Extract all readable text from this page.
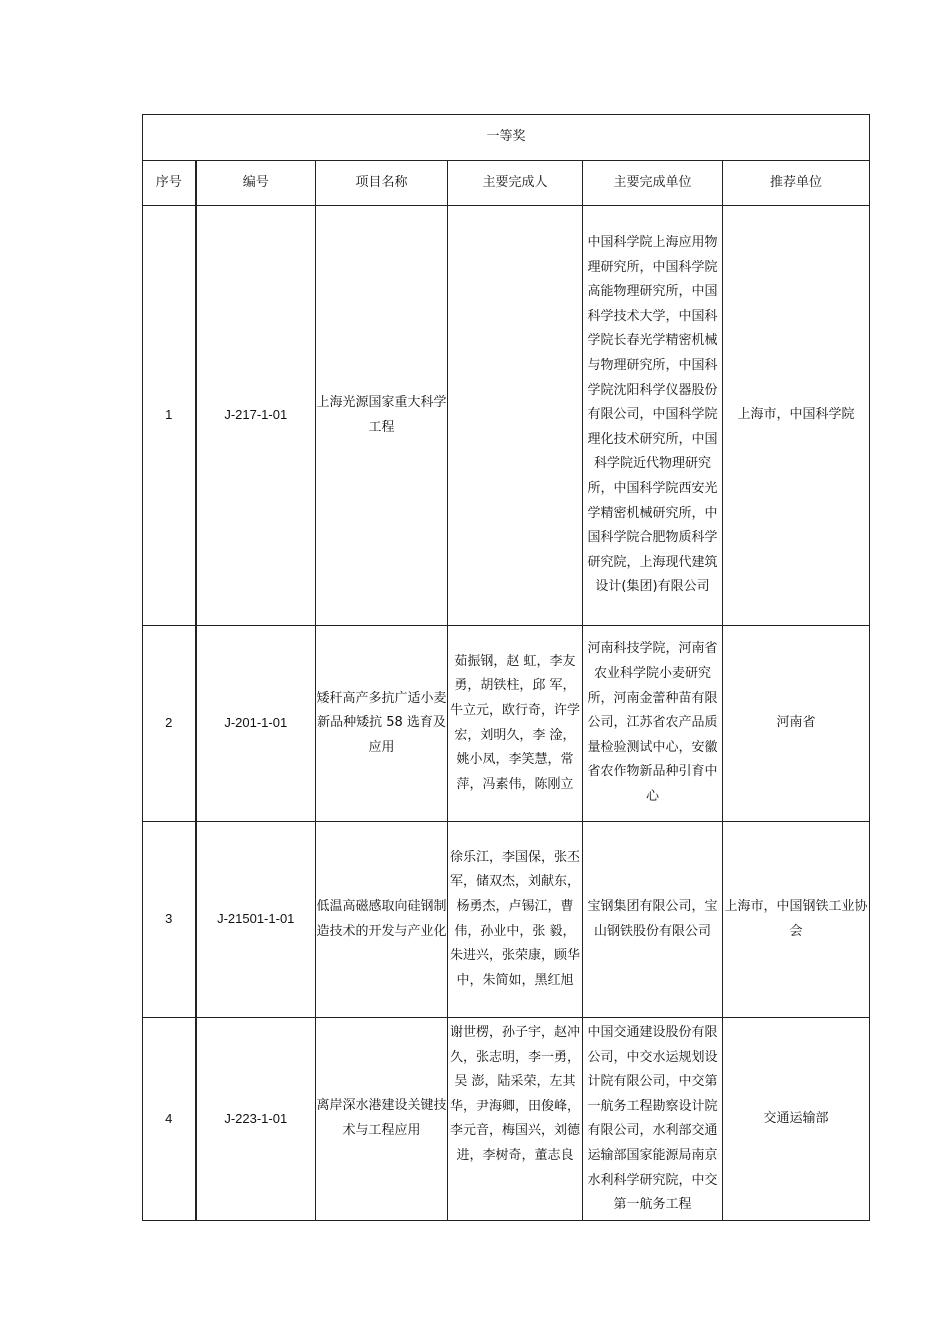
一等奖					
序号	编号	项目名称	主要完成人	主要完成单位	推荐单位
1	J-217-1-01	上海光源国家重大科学工程		中国科学院上海应用物理研究所，中国科学院高能物理研究所，中国科学技术大学，中国科学院长春光学精密机械与物理研究所，中国科学院沈阳科学仪器股份有限公司，中国科学院理化技术研究所，中国科学院近代物理研究所，中国科学院西安光学精密机械研究所，中国科学院合肥物质科学研究院，上海现代建筑设计(集团)有限公司	上海市，中国科学院
2	J-201-1-01	矮秆高产多抗广适小麦新品种矮抗 58 选育及应用	茹振钢，赵 虹，李友勇，胡铁柱，邱 军，牛立元，欧行奇，许学宏，刘明久，李 淦，姚小凤，李笑慧，常 萍，冯素伟，陈刚立	河南科技学院，河南省农业科学院小麦研究所，河南金蕾种苗有限公司，江苏省农产品质量检验测试中心，安徽省农作物新品种引育中心	河南省
3	J-21501-1-01	低温高磁感取向硅钢制造技术的开发与产业化	徐乐江，李国保，张丕军，储双杰，刘献东，杨勇杰，卢锡江，曹 伟，孙业中，张 毅，朱进兴，张荣康，顾华中，朱简如，黑红旭	宝钢集团有限公司，宝山钢铁股份有限公司	上海市，中国钢铁工业协会
4	J-223-1-01	离岸深水港建设关键技术与工程应用	谢世楞，孙子宇，赵冲久，张志明，李一勇，吴 澎，陆采荣，左其华，尹海卿，田俊峰，李元音，梅国兴，刘德进，李树奇，董志良	中国交通建设股份有限公司，中交水运规划设计院有限公司，中交第一航务工程勘察设计院有限公司，水利部交通运输部国家能源局南京水利科学研究院，中交第一航务工程	交通运输部
